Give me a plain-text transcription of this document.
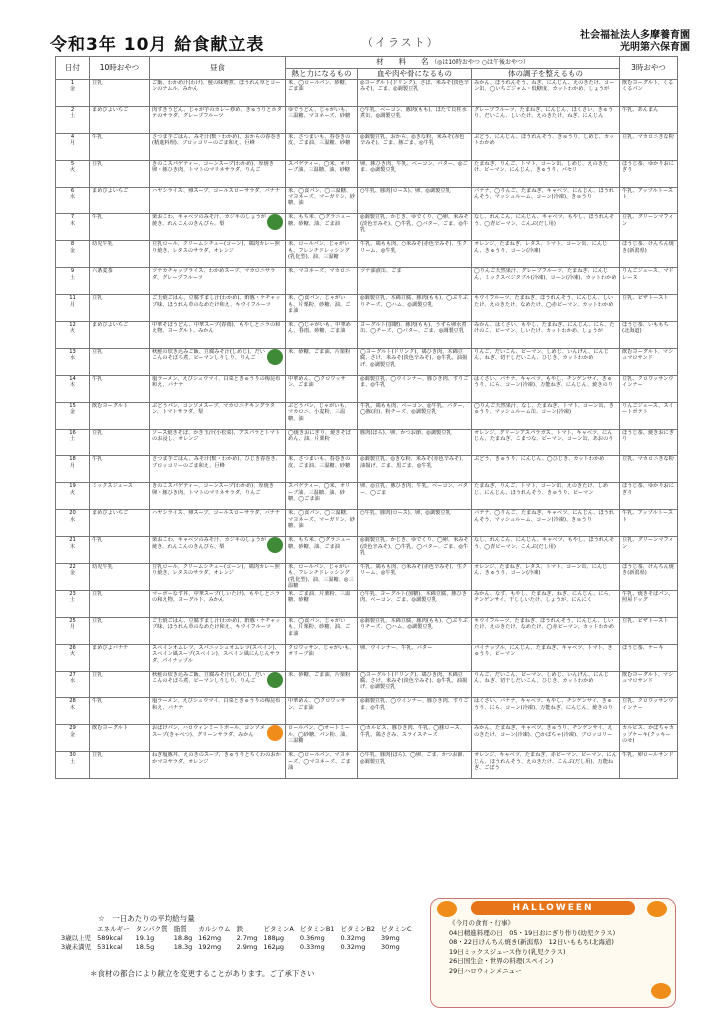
令和3年 10月 給食献立表	（イラスト）
社会福祉法人多摩養育園
光明第六保育園
日付	10時おやつ	昼食	材　　料　　名 （◎は10時おやつ ○は午後おやつ）			3時おやつ
			熱と力になるもの	血や肉や骨になるもの	体の調子を整えるもの	

1
金	豆乳	ご飯、わかめ汁(わけ)、鮭の味噌煮、ほうれん草とコーンのナムル、みかん	米、◯ロールパン、砂糖、ごま油	◎ヨーグルト(ドリンク)、さば、米みそ(淡色辛みそ)、ごま、◎調製豆乳	みかん、ほうれんそう、ねぎ、にんじん、えのきたけ、コーン缶、◯いちごジャム・低糖度、カットわかめ、しょうが	飲むヨーグルト、くるくるパン

2
土	まめびよいちご	肉すきうどん、じゃが芋のカレー炒め、きゅうりとホタテのサラダ、グレープフルーツ	ゆでうどん、じゃがいも、三温糖、マヨネーズ、砂糖	○牛乳、ベーコン、豚肉(もも)、ほたて貝柱水煮缶、◎調製豆乳	グレープフルーツ、たまねぎ、にんじん、ほくさい、きゅうり、だいこん、しいたけ、えのきたけ、ねぎ、にんじん	牛乳、あんまん

4
月	牛乳	さつま芋ごはん、みそ汁(麩・わかめ)、おからの春巻き(精進料理)、ブロッコリーのごま和え、巨峰	米、さつまいも、春巻きの皮、ごま油、三温糖、砂糖	◎調製豆乳、おから、◎きな粉、米みそ(赤色辛みそ)、ごま、豚ごま、◎牛乳	ぶどう、にんじん、ほうれんそう、きゅうり、しめじ、カットわかめ	豆乳、マカロニきな粉

5
火	豆乳	きのこスパゲティー、コーンスープ(わかめ)、厚焼き卵・豚ひき肉、トマトのマリネサラダ、りんご	スパゲティー、◯米、オリーブ油、三温糖、油、砂糖	卵、豚ひき肉、牛乳、ベーコン、バター、◎ごま、◎調製豆乳	たまねぎ、りんご、トマト、コーン缶、しめじ、えのきたけ、ピーマン、にんじん、きゅうり、パセリ	ほうじ茶、ゆかりおにぎり

6
水	まめびよいちご	ハヤシライス、卵スープ、コールスローサラダ、バナナ	米、◯食パン、◯三温糖、マヨネーズ、マーガリン、砂糖、油	○牛乳、豚肉(ロース)、卵、◎調製豆乳	バナナ、◯りんご、たまねぎ、キャベツ、にんじん、ほうれんそう、マッシュルーム、コーン(冷凍)、きゅうり	牛乳、アップルトースト

7
木	牛乳	栗おこわ、キャベツのみそ汁、カジキのしょうが焼き、れんこんのきんぴら、梨	米、もち米、◯グラニュー糖、砂糖、油、ごま油	◎調製豆乳、かじき、ゆでくり、◯卵、米みそ(淡色辛みそ)、◯牛乳、◯バター、ごま、◎牛乳	なし、れんこん、にんじん、キャベツ、もやし、ほうれんそう、◯青ピーマン、こんぶ(だし用)	豆乳、グリーンマフィン

8
金	幼児牛乳	豆乳ロール、クリームシチュー(コーン)、鶏肉カレー照り焼き、レタスのサラダ、オレンジ	米、ロールパン、じゃがいも、フレンチドレッシング(乳化型)、油、三温糖	牛乳、鶏もも肉、○米みそ(赤色辛みそ)、生クリーム、◎牛乳	オレンジ、たまねぎ、レタス、トマト、コーン缶、にんじん、きゅうり、コーン(冷凍)	ほうじ茶、けんちん焼き(新潟県)

9
土	六条麦茶	ツナカチャップライス、わかめスープ、マカロニサラダ、グレープフルーツ	米、マヨネーズ、マカロニ	ツナ油漬缶、ごま	◯りんご天然果汁、グレープフルーツ、たまねぎ、にんじん、ミックスベジタブル(冷凍)、コーン(冷凍)、カットわかめ	りんごジュース、マドレーヌ

11
月	豆乳	ご玉焼ごはん、豆腐すまし汁(わかめ)、酢豚・ケチャップ味、ほうれん草のなめたけ和え、キウイフルーツ	米、◯食パン、じゃがいも、片栗粉、砂糖、油、ごま油	◎調製豆乳、木綿豆腐、豚肉(もも)、◯ぶりぶりチーズ、◯ハム、◎調製豆乳	キウイフルーツ、たまねぎ、ほうれんそう、にんじん、しいたけ、えのきたけ、なめたけ、◯赤ピーマン、カットわかめ	豆乳、ピザトースト

12
火	まめびよいちご	中華そばうどん、中華スープ(春雨)、もやしとニラの和え物、ヨーグルト、みかん	米、◯じゃがいも、中華めん、春雨、砂糖、ごま油	ヨーグルト(加糖)、豚肉(もも)、うずら卵水煮缶、◯チーズ、◯バター、ごま、◎調製豆乳	みかん、はくさい、もやし、たまねぎ、にんじん、にら、たけのこ、ピーマン、しいたけ、カットわかめ、しょうが	ほうじ茶、いももち(北海道)

13
水	豆乳	秋鮭の炊き込みご飯、豆腐みそ汁(しめじ)、だいこんのそぼろ煮、ピーマンしりしり、りんご	米、砂糖、ごま油、片栗粉	◯ヨーグルト(ドリンク)、鶏ひき肉、木綿豆腐、さけ、米みそ(淡色辛みそ)、◎牛乳、油揚げ、◎調製豆乳	りんご、だいこん、ピーマン、しめじ、いんげん、にんじん、ねぎ、切干しだいこん、ひじき、カットわかめ	飲むヨーグルト、マシュマロサンド

14
木	牛乳	塩ラーメン、えびシュウマイ、白菜ときゅうりの梅昆布和え、バナナ	中華めん、◯クロワッサン、ごま油	◎調製豆乳、◯ウインナー、豚ひき肉、すりごま、◎牛乳	はくさい、バナナ、キャベツ、もやし、チンゲンサイ、きゅうり、にら、コーン(冷凍)、万能ねぎ、にんじん、焼きのり	豆乳、クロワッサンウインナー

15
金	飲むヨーグルト	ぶどうパン、コンソメスープ、マカロニチキングラタン、トマトサラダ、梨	ぶどうパン、じゃがいも、マカロニ、小麦粉、三温糖、油	牛乳、鶏もも肉、ベーコン、◎牛乳、バター、◯豚(肩)、粉チーズ、◎調製豆乳	◯りんご天然果汁、なし、たまねぎ、トマト、コーン缶、きゅうり、マッシュルーム缶、コーン(冷凍)	りんごジュース、スイートポテト

16
土	豆乳	ソース焼きそば、かき玉汁(小松菜)、アスパラとトマトのお浸し、オレンジ	◯焼きおにぎり、焼きそばめん、油、片栗粉	豚肉(ばら)、卵、かつお節、◎調製豆乳	オレンジ、グリーンアスパラガス、トマト、キャベツ、にんじん、たまねぎ、こまつな、ピーマン、コーン缶、あおのり	ほうじ茶、焼きおにぎり

18
月	牛乳	さつま芋ごはん、みそ汁(麩・わかめ)、ひじき春巻き、ブロッコリーのごま和え、巨峰	米、さつまいも、春巻きの皮、ごま油、三温糖、砂糖	◎調製豆乳、◎きな粉、米みそ(赤色辛みそ)、油揚げ、ごま、黒ごま、◎牛乳	ぶどう、きゅうり、にんじん、◯ひじき、カットわかめ	豆乳、マカロニきな粉

19
火	ミックスジュース	きのこスパゲティー、コーンスープ(わかめ)、厚焼き卵・豚ひき肉、トマトのマリネサラダ、りんご	スパゲティー、◯米、オリーブ油、三温糖、油、砂糖、◯ごま油	卵、◎豆乳、豚ひき肉、牛乳、ベーコン、バター、◯ごま	たまねぎ、りんご、トマト、コーン缶、えのきたけ、しめじ、にんじん、ほうれんそう、きゅうり、ピーマン	ほうじ茶、ゆかりおにぎり

20
水	まめびよいちご	ハヤシライス、卵スープ、コールスローサラダ、バナナ	米、◯食パン、◯三温糖、マヨネーズ、マーガリン、砂糖、油	○牛乳、豚肉(ロース)、卵、◎調製豆乳	バナナ、◯りんご、たまねぎ、キャベツ、にんじん、ほうれんそう、マッシュルーム、コーン(冷凍)、きゅうり	牛乳、アップルトースト

21
木	牛乳	栗おこわ、キャベツのみそ汁、カジキのしょうが焼き、れんこんのきんぴら、梨	米、もち米、◯グラニュー糖、砂糖、油、ごま油	◎調製豆乳、かじき、ゆでくり、◯卵、米みそ(淡色辛みそ)、◯牛乳、◯バター、ごま、◎牛乳	なし、れんこん、にんじん、キャベツ、もやし、ほうれんそう、◯青ピーマン、こんぶ(だし用)	豆乳、グリーンマフィン

22
金	幼児牛乳	豆乳ロール、クリームシチュー(コーン)、鶏肉カレー照り焼き、レタスのサラダ、オレンジ	米、ロールパン、じゃがいも、フレンチドレッシング(乳化型)、油、三温糖、◎三温糖	牛乳、鶏もも肉、○米みそ(赤色辛みそ)、生クリーム、◎牛乳	オレンジ、たまねぎ、レタス、トマト、コーン缶、にんじん、きゅうり、コーン(冷凍)	ほうじ茶、けんちん焼き(新潟県)

23
土	豆乳	マーボーなす丼、中華スープ(しいたけ)、もやしとニラの和え物、ヨーグルト、みかん	米、ごま油、片栗粉、三温糖、砂糖	○牛乳、ヨーグルト(加糖)、木綿豆腐、豚ひき肉、ベーコン、ごま、◎調製豆乳	みかん、なす、もやし、たまねぎ、ねぎ、にんじん、にら、チンゲンサイ、干ししいたけ、しょうが、にんにく	牛乳、焼きそばパン、照屋ドッグ

25
月	豆乳	ご玉焼ごはん、豆腐すまし汁(わかめ)、酢豚・ケチャップ味、ほうれん草のなめたけ和え、キウイフルーツ	米、◯食パン、じゃがいも、片栗粉、砂糖、油、ごま油	◎調製豆乳、木綿豆腐、豚肉(もも)、◯ぶりぶりチーズ、◯ハム、◎調製豆乳	キウイフルーツ、たまねぎ、ほうれんそう、にんじん、しいたけ、えのきたけ、なめたけ、◯赤ピーマン、カットわかめ	豆乳、ピザトースト

26
火	まめびよバナナ	スペインオムレツ、スパニッシュオムレツ(スペイン)、スペイン風スープ(スペイン)、スペイン風にんじんサラダ、パイナップル	クロワッサン、じゃがいも、オリーブ油	卵、ウインナー、牛乳、バター	パイナップル、にんじん、たまねぎ、キャベツ、トマト、きゅうり、ピーマン	ほうじ茶、ケーキ

27
水	豆乳	秋鮭の炊き込みご飯、豆腐みそ汁(しめじ)、だいこんのそぼろ煮、ピーマンしりしり、りんご	米、砂糖、ごま油、片栗粉	◯ヨーグルト(ドリンク)、鶏ひき肉、木綿豆腐、さけ、米みそ(淡色辛みそ)、◎牛乳、油揚げ、◎調製豆乳	りんご、だいこん、ピーマン、しめじ、いんげん、にんじん、ねぎ、切干しだいこん、ひじき、カットわかめ	飲むヨーグルト、マシュマロサンド

28
木	牛乳	塩ラーメン、えびシュウマイ、白菜ときゅうりの梅昆布和え、バナナ	中華めん、◯クロワッサン、ごま油	◎調製豆乳、◯ウインナー、豚ひき肉、すりごま、◎牛乳	はくさい、バナナ、キャベツ、もやし、チンゲンサイ、きゅうり、にら、コーン(冷凍)、万能ねぎ、にんじん、焼きのり	豆乳、クロワッサンウインナー

29
金	飲むヨーグルト	おばけパン、ハロウィンミートボール、コンソメスープ(きゃべつ)、グリーンサラダ、みかん	ロールパン、◯オートミール、◯砂糖、パン粉、油、三温糖	◯カルピス、豚ひき肉、牛乳、◯豚ロース、牛乳、鶏ささみ、スライスチーズ	みかん、たまねぎ、キャベツ、きゅうり、チンゲンサイ、えのきたけ、コーン(冷凍)、◯かぼちゃ(冷凍)、ブロッコリー	カルピス、かぼちゃカップケーキ(クッキーのせ)

30
土	豆乳	ねぎ塩豚丼、えのきのスープ、きゅうりとちくわのおかかマヨサラダ、オレンジ	米、◯ロールパン、マヨネーズ、◯マヨネーズ、ごま油	○牛乳、豚肉(ばら)、◯卵、ごま、かつお節、◎調製豆乳	オレンジ、キャベツ、たまねぎ、赤ピーマン、ピーマン、にんじん、ほうれんそう、えのきたけ、こんぶ(だし用)、万能ねぎ、ごぼう	牛乳、卵ロールサンド
☆　一日あたりの平均給与量
	エネルギー	タンパク質	脂質	カルシウム	鉄	ビタミンA	ビタミンB1	ビタミンB2	ビタミンC
3歳以上児	589kcal	19.1g	18.8g	162mg	2.7mg	188μg	0.36mg	0.32mg	39mg
3歳未満児	531kcal	18.5g	18.3g	192mg	2.9mg	162μg	0.33mg	0.32mg	30mg
＊食材の都合により献立を変更することがあります。ご了承下さい
HALLOWEEN
《今月の食育・行事》
04日精進料理の日　05・19日おにぎり作り(幼児クラス)
08・22日けんちん焼き(新潟県)　12日いももち(北海道)
19日ミックスジュース作り(乳児クラス)
26日国生会・世界の料理(スペイン)
29日ハロウィンメニュー
